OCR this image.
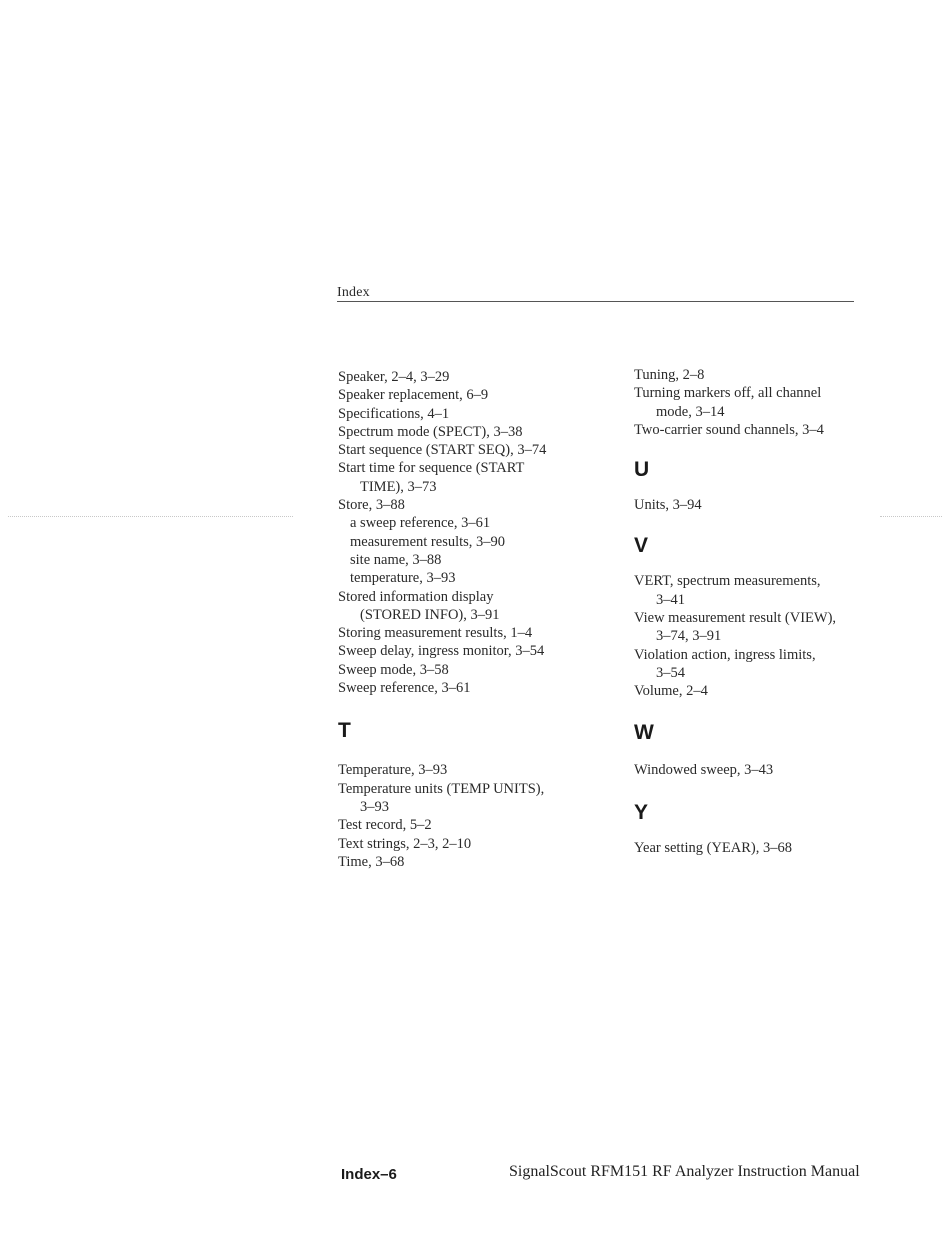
Index
Speaker, 2–4, 3–29
Speaker replacement, 6–9
Specifications, 4–1
Spectrum mode (SPECT), 3–38
Start sequence (START SEQ), 3–74
Start time for sequence (START
TIME), 3–73
Store, 3–88
a sweep reference, 3–61
measurement results, 3–90
site name, 3–88
temperature, 3–93
Stored information display
(STORED INFO), 3–91
Storing measurement results, 1–4
Sweep delay, ingress monitor, 3–54
Sweep mode, 3–58
Sweep reference, 3–61
T
Temperature, 3–93
Temperature units (TEMP UNITS),
3–93
Test record, 5–2
Text strings, 2–3, 2–10
Time, 3–68
Tuning, 2–8
Turning markers off, all channel
mode, 3–14
Two-carrier sound channels, 3–4
U
Units, 3–94
V
VERT, spectrum measurements,
3–41
View measurement result (VIEW),
3–74, 3–91
Violation action, ingress limits,
3–54
Volume, 2–4
W
Windowed sweep, 3–43
Y
Year setting (YEAR), 3–68
Index–6	SignalScout RFM151 RF Analyzer Instruction Manual
